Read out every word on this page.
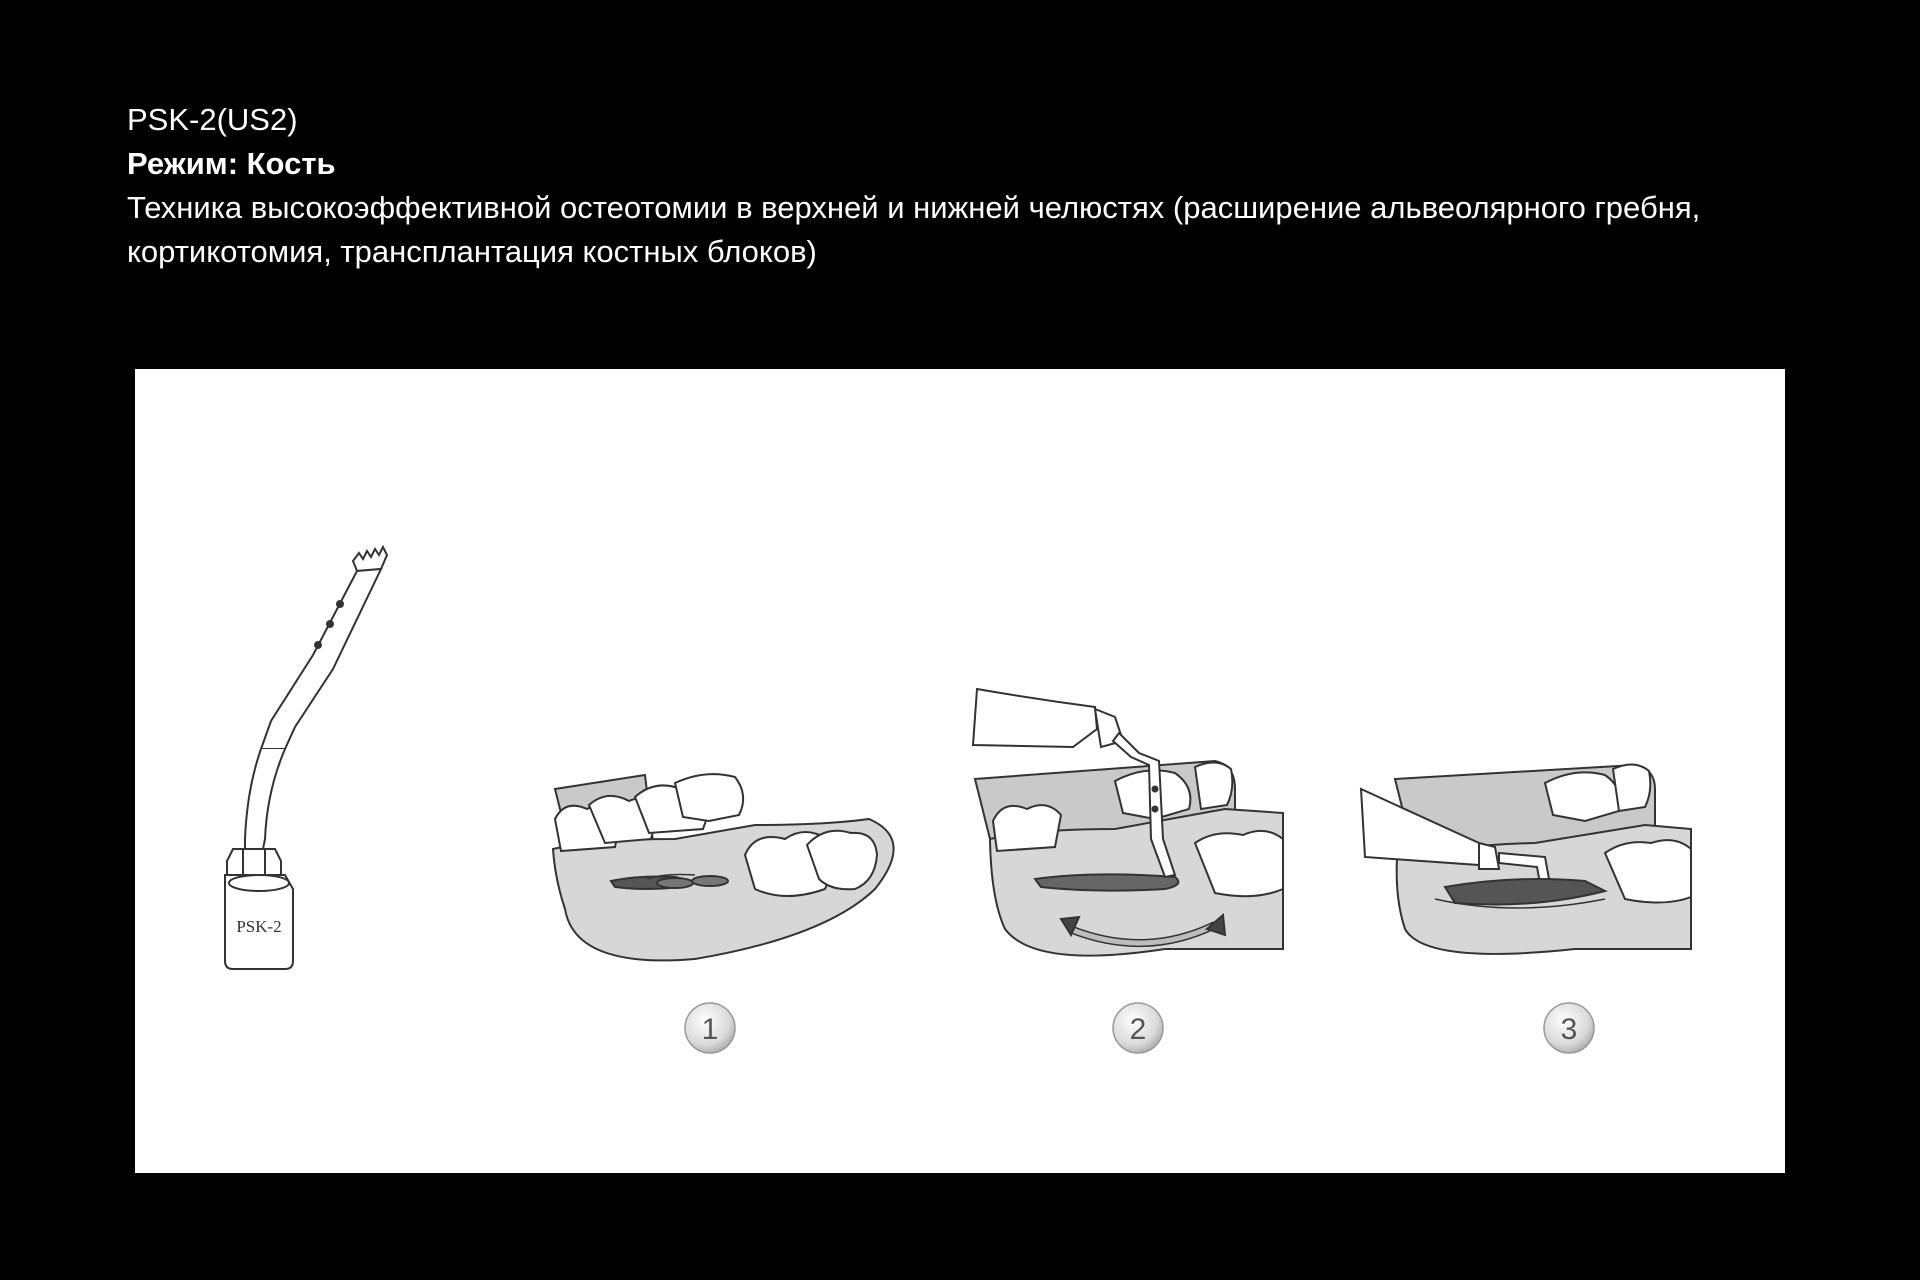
PSK-2(US2)
Режим: Кость
Техника высокоэффективной остеотомии в верхней и нижней челюстях (расширение альвеолярного гребня, кортикотомия, трансплантация костных блоков)
PSK-2
1	2	3
